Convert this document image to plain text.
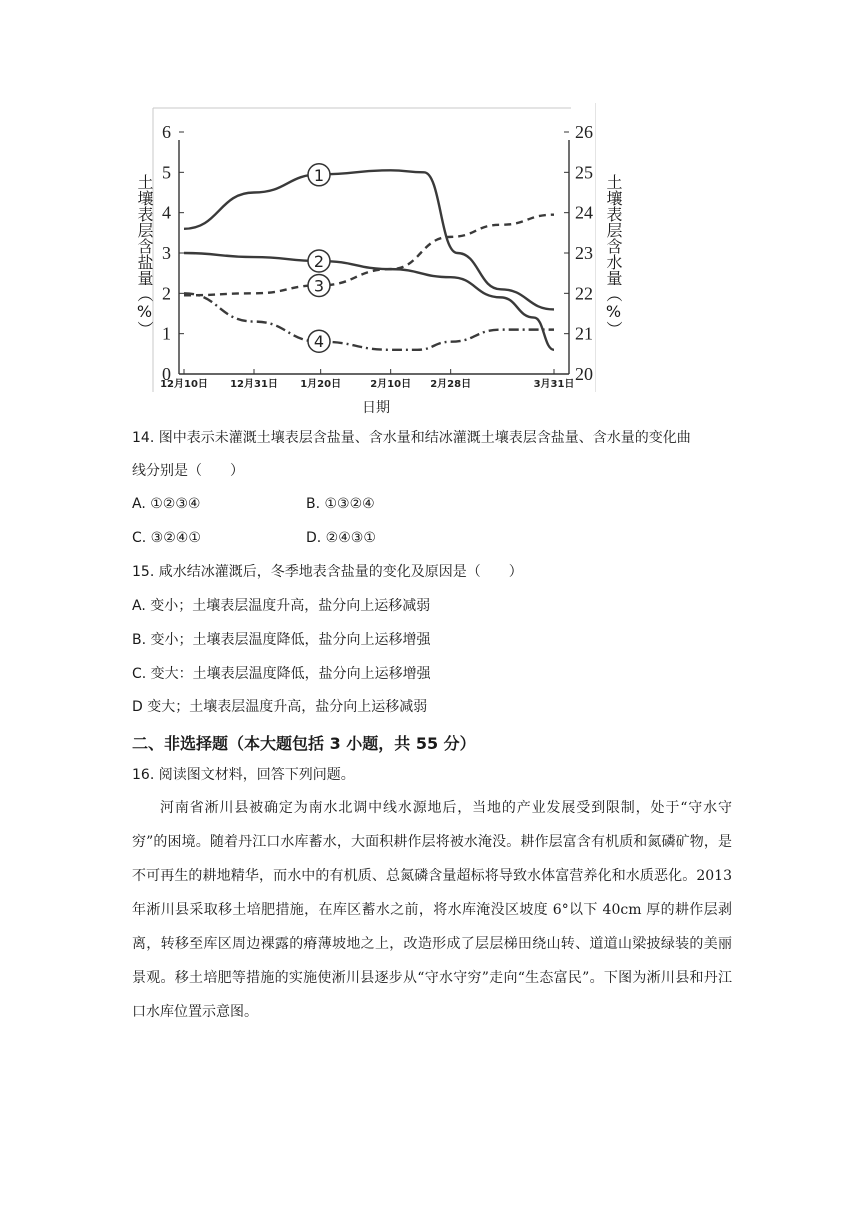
0
1
2
3
4
5
6
20
21
22
23
24
25
26
12月10日 12月31日 1月20日	2月10日 2月28日	3月31日
1
2
3
4
土壤表层含盐量（%）	土壤表层含水量（%）
日期
14. 图中表示未灌溉土壤表层含盐量、含水量和结冰灌溉土壤表层含盐量、含水量的变化曲
线分别是（　　）
A. ①②③④	B. ①③②④
C. ③②④①	D. ②④③①
15. 咸水结冰灌溉后，冬季地表含盐量的变化及原因是（　　）
A. 变小；土壤表层温度升高，盐分向上运移减弱
B. 变小；土壤表层温度降低，盐分向上运移增强
C. 变大：土壤表层温度降低，盐分向上运移增强
D 变大；土壤表层温度升高，盐分向上运移减弱
二、非选择题（本大题包括 3 小题，共 55 分）
16. 阅读图文材料，回答下列问题。
河南省淅川县被确定为南水北调中线水源地后，当地的产业发展受到限制，处于“守水守穷”的困境。随着丹江口水库蓄水，大面积耕作层将被水淹没。耕作层富含有机质和氮磷矿物，是不可再生的耕地精华，而水中的有机质、总氮磷含量超标将导致水体富营养化和水质恶化。2013 年淅川县采取移土培肥措施，在库区蓄水之前，将水库淹没区坡度 6°以下 40cm 厚的耕作层剥离，转移至库区周边裸露的瘠薄坡地之上，改造形成了层层梯田绕山转、道道山梁披绿装的美丽景观。移土培肥等措施的实施使淅川县逐步从“守水守穷”走向“生态富民”。下图为淅川县和丹江口水库位置示意图。
